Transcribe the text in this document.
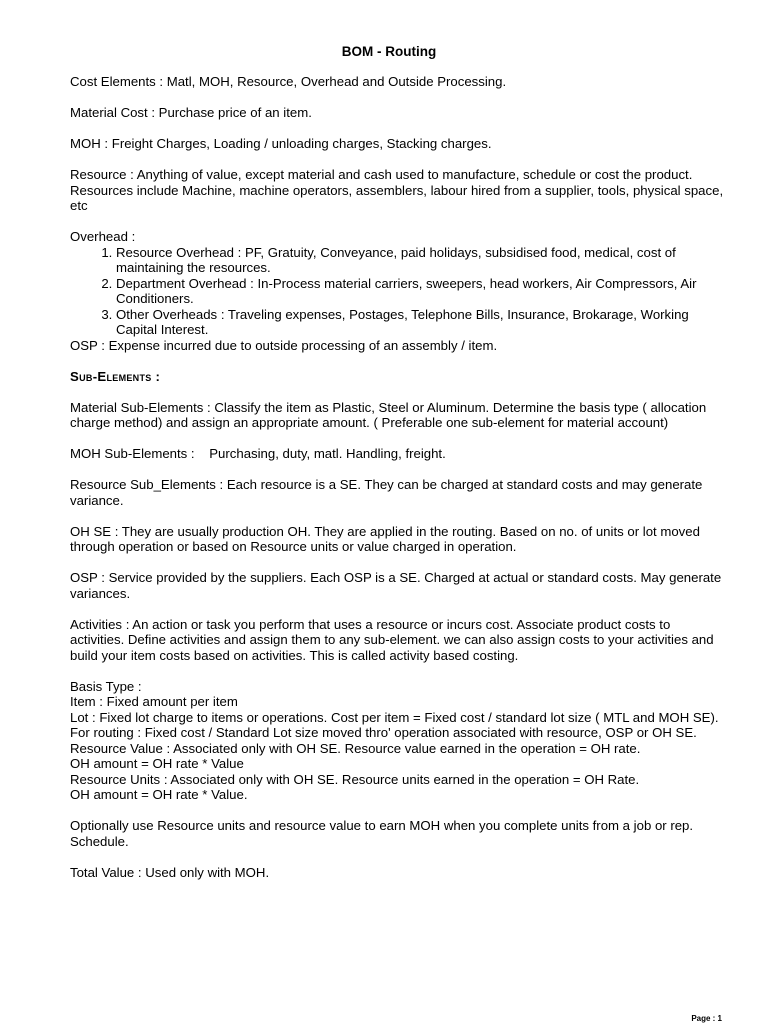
BOM - Routing

Cost Elements : Matl, MOH, Resource, Overhead and Outside Processing.

Material Cost : Purchase price of an item.

MOH : Freight Charges, Loading / unloading charges, Stacking charges.

Resource : Anything of value, except material and cash used to manufacture, schedule or cost the product. Resources include Machine, machine operators, assemblers, labour hired from a supplier, tools, physical space, etc

Overhead :

1. Resource Overhead : PF, Gratuity, Conveyance, paid holidays, subsidised food, medical, cost of maintaining the resources.
2. Department Overhead : In-Process material carriers, sweepers, head workers, Air Compressors, Air Conditioners.
3. Other Overheads : Traveling expenses, Postages, Telephone Bills, Insurance, Brokarage, Working Capital Interest.

OSP : Expense incurred due to outside processing of an assembly / item.

Sub-Elements :

Material Sub-Elements : Classify the item as Plastic, Steel or Aluminum. Determine the basis type ( allocation charge method) and assign an appropriate amount. ( Preferable one sub-element for material account)

MOH Sub-Elements :    Purchasing, duty, matl. Handling, freight.

Resource Sub_Elements : Each resource is a SE. They can be charged at standard costs and may generate variance.

OH SE : They are usually production OH. They are applied in the routing. Based on no. of units or lot moved through operation or based on Resource units or value charged in operation.

OSP : Service provided by the suppliers. Each OSP is a SE. Charged at actual or standard costs. May generate variances.

Activities : An action or task you perform that uses a resource or incurs cost. Associate product costs to activities. Define activities and assign them to any sub-element. we can also assign costs to your activities and build your item costs based on activities. This is called activity based costing.

Basis Type :

Item : Fixed amount per item

Lot : Fixed lot charge to items or operations. Cost per item = Fixed cost / standard lot size ( MTL and MOH SE). For routing : Fixed cost / Standard Lot size moved thro' operation associated with resource, OSP or OH SE.

Resource Value : Associated only with OH SE. Resource value earned in the operation = OH rate.

OH amount = OH rate * Value

Resource Units : Associated only with OH SE. Resource units earned in the operation = OH Rate.

OH amount = OH rate * Value.

Optionally use Resource units and resource value to earn MOH when you complete units from a job or rep. Schedule.

Total Value : Used only with MOH.

Page : 1
